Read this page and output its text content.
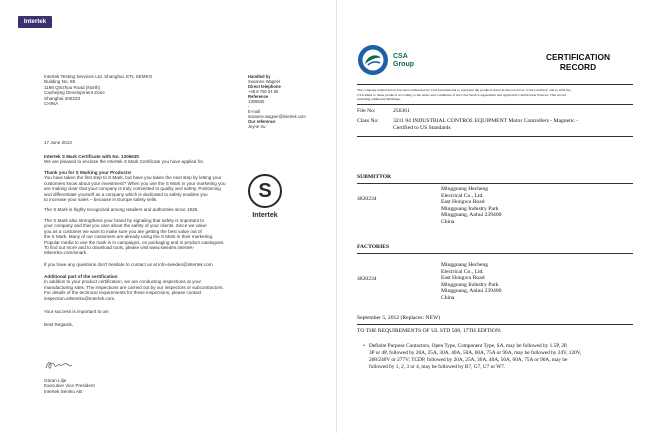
Intertek
Intertek Testing Services Ltd, Shanghai, ETL SEMKO
Building No. 86
1198 Qinzhou Road (North)
Caohejing Development Zone
Shanghai 200233
CHINA
Handled by
Susanne Wagnér
Direct telephone
+46 8 750 04 55
Reference
1306630
-
E-mail
susanne.wagner@intertek.com
Our reference
Jeyne Xu
17 June 2013
Intertek S Mark Certificate with No. 1306630
We are pleased to enclose the Intertek S Mark Certificate you have applied for.
Thank you for S Marking your Products!
You have taken the first step to S Mark, but have you taken the next step by letting your
customers know about your investment? When you use the S Mark in your marketing you
are making clear that your company is truly committed to quality and safety. Positioning
and differentiate yourself as a company which is dedicated to safety enables you
to increase your sales – because in Europe safety sells.
The S Mark is highly recognized among retailers and authorities since 1926.
The S Mark also strengthens your brand by signaling that safety is important to
your company and that you care about the safety of your clients. Since we value
you as a customer we want to make sure you are getting the best value out of
the S Mark. Many of our customers are already using the S Mark in their marketing.
Popular media to use the mark is in campaigns, on packaging and in product catalogues.
To find out more and to download tools, please visit www.sweden.intertek-
etlsemko.com/smark.
If you have any questions don't hesitate to contact us at info-sweden@intertek.com
Additional part of the certification
In addition to your product certification, we are conducting inspections at your
manufacturing sites. The inspections are carried out by our inspectors or subcontractors.
For details of the technical requirements for these inspections, please contact
inspection.etlsemko@intertek.com.
Your success is important to us!
Best Regards,
Göran Lilje
Executive Vice President
Intertek Semko AB
S
Intertek
CSA
Group
CERTIFICATION
RECORD
The company named below has been authorized by CSA International to represent the products listed in this record as "CSA Certified" and to affix the
CSA Mark to these products according to the terms and conditions of the CSA Service Agreement and applicable Certification Notices. This record
including additional Markings.
File No:	256361
Class No:	3211 84 INDUSTRIAL CONTROL EQUIPMENT Motor Controllers - Magnetic -
Certified to US Standards
SUBMITTOR
4820234
Mingguang Hecheng
Electrical Co., Ltd.
East Hongwu Road
Mingguang Industry Park
Mingguang, Anhui 239400
China
FACTORIES
4820234
Mingguang Hecheng
Electrical Co., Ltd.
East Hongwu Road
Mingguang Industry Park
Mingguang, Anhui 239400
China
September 5, 2012 (Replaces: NEW)
TO THE REQUIREMENTS OF UL STD 508, 17TH EDITION:
• Definite Purpose Contactors, Open Type, Component Type, SA, may be followed by 1.5P, 2P,
3P or 4P, followed by 20A, 25A, 30A, 40A, 50A, 60A, 75A or 90A, may be followed by 24V, 120V,
208/240V or 277V; TCDP, followed by 20A, 25A, 30A, 40A, 50A, 60A, 75A or 90A, may be
followed by 1, 2, 3 or 4, may be followed by B7, G7, U7 or W7.
